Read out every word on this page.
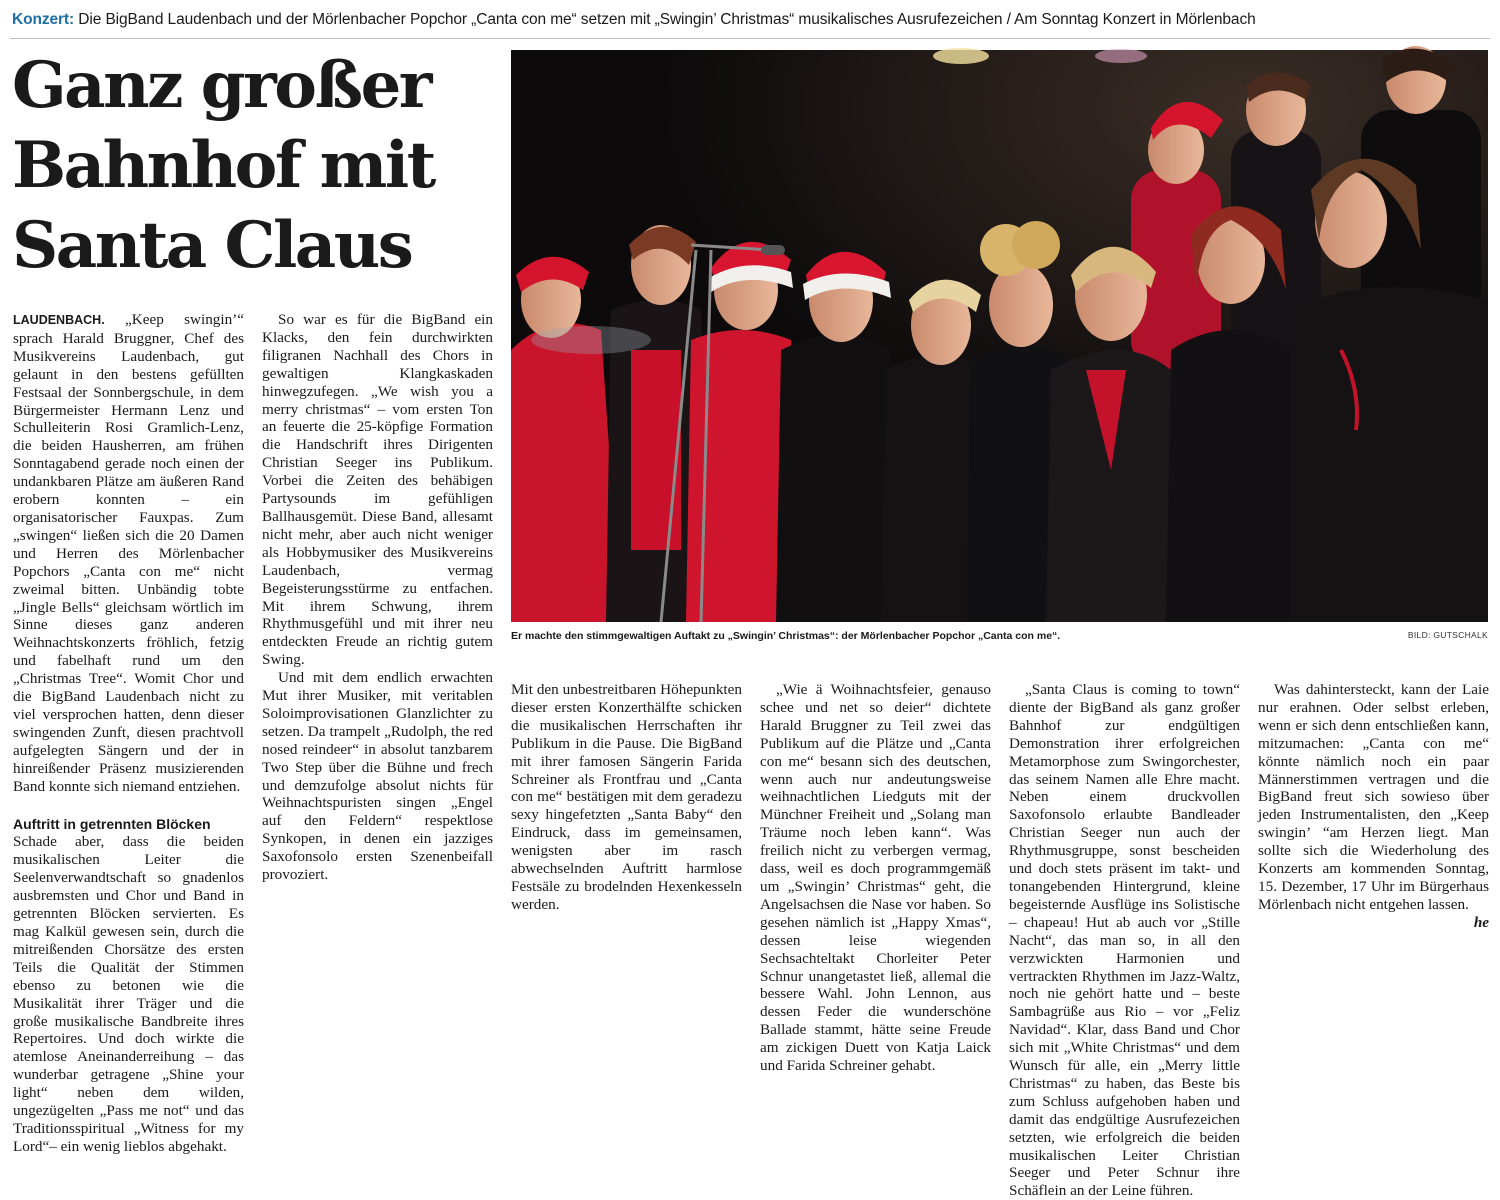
Konzert: Die BigBand Laudenbach und der Mörlenbacher Popchor „Canta con me“ setzen mit „Swingin’ Christmas“ musikalisches Ausrufezeichen / Am Sonntag Konzert in Mörlenbach
Ganz großer
Bahnhof mit
Santa Claus
Er machte den stimmgewaltigen Auftakt zu „Swingin’ Christmas“: der Mörlenbacher Popchor „Canta con me“.	BILD: GUTSCHALK

LAUDENBACH. „Keep swingin’“ sprach Harald Bruggner, Chef des Musikvereins Laudenbach, gut gelaunt in den bestens gefüllten Festsaal der Sonnbergschule, in dem Bürgermeister Hermann Lenz und Schulleiterin Rosi Gramlich-Lenz, die beiden Hausherren, am frühen Sonntagabend gerade noch einen der undankbaren Plätze am äußeren Rand erobern konnten – ein organisatorischer Fauxpas. Zum „swingen“ ließen sich die 20 Damen und Herren des Mörlenbacher Popchors „Canta con me“ nicht zweimal bitten. Unbändig tobte „Jingle Bells“ gleichsam wörtlich im Sinne dieses ganz anderen Weihnachtskonzerts fröhlich, fetzig und fabelhaft rund um den „Christmas Tree“. Womit Chor und die BigBand Laudenbach nicht zu viel versprochen hatten, denn dieser swingenden Zunft, diesen prachtvoll aufgelegten Sängern und der in hinreißender Präsenz musizierenden Band konnte sich niemand entziehen.

Auftritt in getrennten Blöcken

Schade aber, dass die beiden musikalischen Leiter die Seelenverwandtschaft so gnadenlos ausbremsten und Chor und Band in getrennten Blöcken servierten. Es mag Kalkül gewesen sein, durch die mitreißenden Chorsätze des ersten Teils die Qualität der Stimmen ebenso zu betonen wie die Musikalität ihrer Träger und die große musikalische Bandbreite ihres Repertoires. Und doch wirkte die atemlose Aneinanderreihung – das wunderbar getragene „Shine your light“ neben dem wilden, ungezügelten „Pass me not“ und das Traditionsspiritual „Witness for my Lord“– ein wenig lieblos abgehakt.

So war es für die BigBand ein Klacks, den fein durchwirkten filigranen Nachhall des Chors in gewaltigen Klangkaskaden hinwegzufegen. „We wish you a merry christmas“ – vom ersten Ton an feuerte die 25-köpfige Formation die Handschrift ihres Dirigenten Christian Seeger ins Publikum. Vorbei die Zeiten des behäbigen Partysounds im gefühligen Ballhausgemüt. Diese Band, allesamt nicht mehr, aber auch nicht weniger als Hobbymusiker des Musikvereins Laudenbach, vermag Begeisterungsstürme zu entfachen. Mit ihrem Schwung, ihrem Rhythmusgefühl und mit ihrer neu entdeckten Freude an richtig gutem Swing.

Und mit dem endlich erwachten Mut ihrer Musiker, mit veritablen Soloimprovisationen Glanzlichter zu setzen. Da trampelt „Rudolph, the red nosed reindeer“ in absolut tanzbarem Two Step über die Bühne und frech und demzufolge absolut nichts für Weihnachtspuristen singen „Engel auf den Feldern“ respektlose Synkopen, in denen ein jazziges Saxofonsolo ersten Szenenbeifall provoziert.

Mit den unbestreitbaren Höhepunkten dieser ersten Konzerthälfte schicken die musikalischen Herrschaften ihr Publikum in die Pause. Die BigBand mit ihrer famosen Sängerin Farida Schreiner als Frontfrau und „Canta con me“ bestätigen mit dem geradezu sexy hingefetzten „Santa Baby“ den Eindruck, dass im gemeinsamen, wenigsten aber im rasch abwechselnden Auftritt harmlose Festsäle zu brodelnden Hexenkesseln werden.

„Wie ä Woihnachtsfeier, genauso schee und net so deier“ dichtete Harald Bruggner zu Teil zwei das Publikum auf die Plätze und „Canta con me“ besann sich des deutschen, wenn auch nur andeutungsweise weihnachtlichen Liedguts mit der Münchner Freiheit und „Solang man Träume noch leben kann“. Was freilich nicht zu verbergen vermag, dass, weil es doch programmgemäß um „Swingin’ Christmas“ geht, die Angelsachsen die Nase vor haben. So gesehen nämlich ist „Happy Xmas“, dessen leise wiegenden Sechsachteltakt Chorleiter Peter Schnur unangetastet ließ, allemal die bessere Wahl. John Lennon, aus dessen Feder die wunderschöne Ballade stammt, hätte seine Freude am zickigen Duett von Katja Laick und Farida Schreiner gehabt.

„Santa Claus is coming to town“ diente der BigBand als ganz großer Bahnhof zur endgültigen Demonstration ihrer erfolgreichen Metamorphose zum Swingorchester, das seinem Namen alle Ehre macht. Neben einem druckvollen Saxofonsolo erlaubte Bandleader Christian Seeger nun auch der Rhythmusgruppe, sonst bescheiden und doch stets präsent im takt- und tonangebenden Hintergrund, kleine begeisternde Ausflüge ins Solistische – chapeau! Hut ab auch vor „Stille Nacht“, das man so, in all den verzwickten Harmonien und vertrackten Rhythmen im Jazz-Waltz, noch nie gehört hatte und – beste Sambagrüße aus Rio – vor „Feliz Navidad“. Klar, dass Band und Chor sich mit „White Christmas“ und dem Wunsch für alle, ein „Merry little Christmas“ zu haben, das Beste bis zum Schluss aufgehoben haben und damit das endgültige Ausrufezeichen setzten, wie erfolgreich die beiden musikalischen Leiter Christian Seeger und Peter Schnur ihre Schäflein an der Leine führen.

Was dahintersteckt, kann der Laie nur erahnen. Oder selbst erleben, wenn er sich denn entschließen kann, mitzumachen: „Canta con me“ könnte nämlich noch ein paar Männerstimmen vertragen und die BigBand freut sich sowieso über jeden Instrumentalisten, den „Keep swingin’ “am Herzen liegt. Man sollte sich die Wiederholung des Konzerts am kommenden Sonntag, 15. Dezember, 17 Uhr im Bürgerhaus Mörlenbach nicht entgehen lassen.
he
